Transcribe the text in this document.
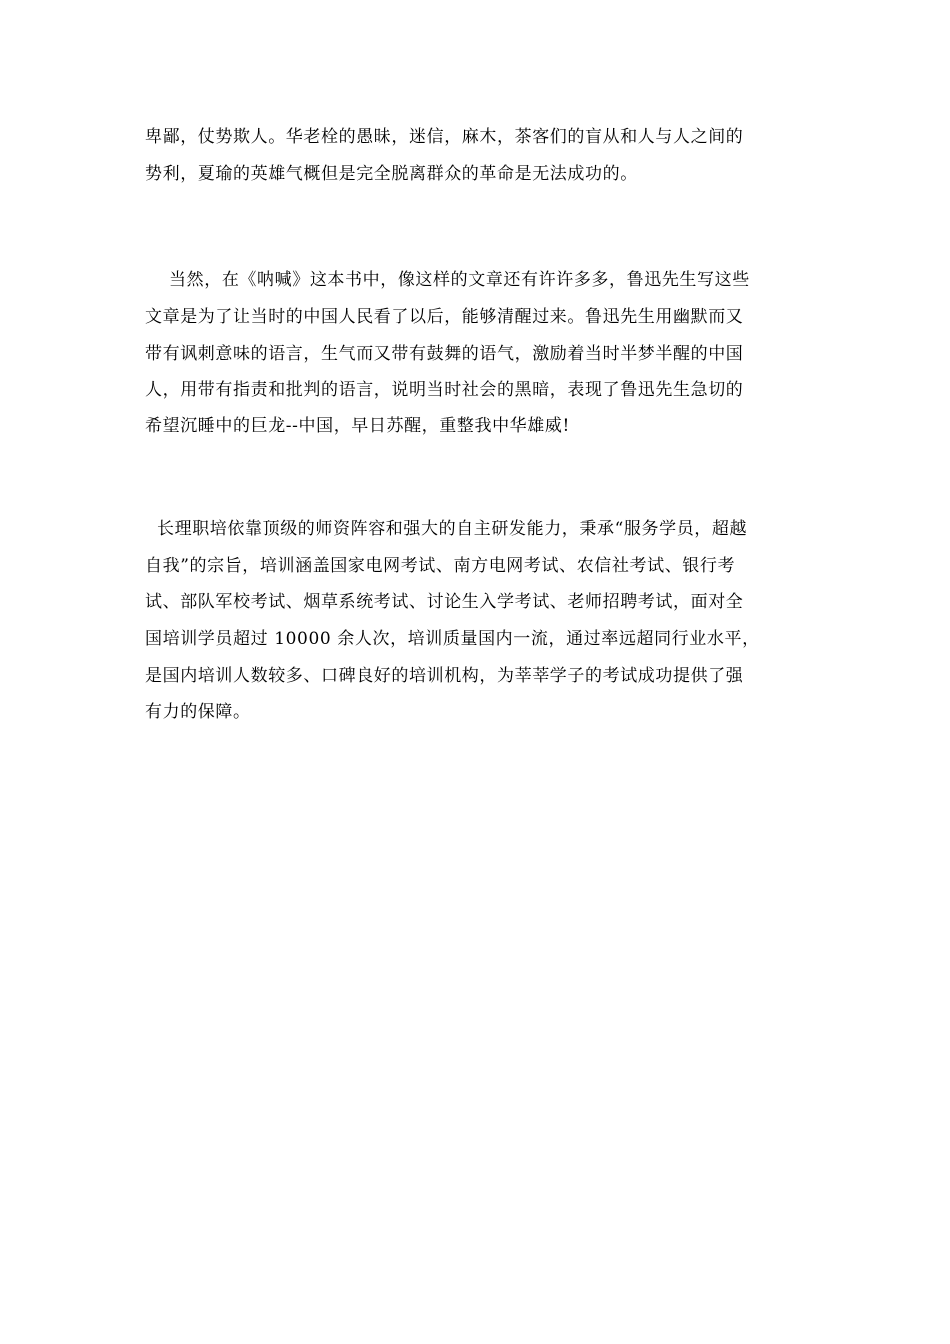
卑鄙，仗势欺人。华老栓的愚昧，迷信，麻木，茶客们的盲从和人与人之间的
势利，夏瑜的英雄气概但是完全脱离群众的革命是无法成功的。
当然，在《呐喊》这本书中，像这样的文章还有许许多多，鲁迅先生写这些
文章是为了让当时的中国人民看了以后，能够清醒过来。鲁迅先生用幽默而又
带有讽刺意味的语言，生气而又带有鼓舞的语气，激励着当时半梦半醒的中国
人，用带有指责和批判的语言，说明当时社会的黑暗，表现了鲁迅先生急切的
希望沉睡中的巨龙--中国，早日苏醒，重整我中华雄威!
长理职培依靠顶级的师资阵容和强大的自主研发能力，秉承“服务学员，超越
自我”的宗旨，培训涵盖国家电网考试、南方电网考试、农信社考试、银行考
试、部队军校考试、烟草系统考试、讨论生入学考试、老师招聘考试，面对全
国培训学员超过 10000 余人次，培训质量国内一流，通过率远超同行业水平，
是国内培训人数较多、口碑良好的培训机构，为莘莘学子的考试成功提供了强
有力的保障。
